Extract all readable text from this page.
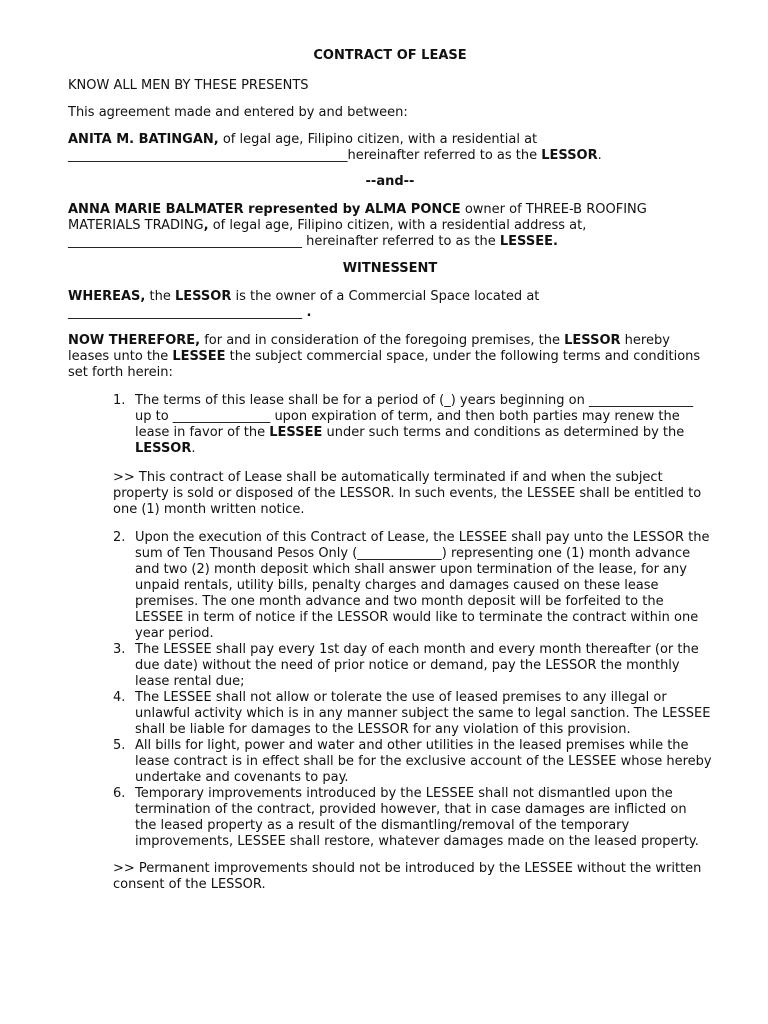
CONTRACT OF LEASE

KNOW ALL MEN BY THESE PRESENTS

This agreement made and entered by and between:

ANITA M. BATINGAN, of legal age, Filipino citizen, with a residential at
___________________________________________hereinafter referred to as the LESSOR.

--and--

ANNA MARIE BALMATER represented by ALMA PONCE owner of THREE-B ROOFING
MATERIALS TRADING, of legal age, Filipino citizen, with a residential address at,
____________________________________ hereinafter referred to as the LESSEE.

WITNESSENT

WHEREAS, the LESSOR is the owner of a Commercial Space located at
____________________________________ .

NOW THEREFORE, for and in consideration of the foregoing premises, the LESSOR hereby leases unto the LESSEE the subject commercial space, under the following terms and conditions set forth herein:

1. The terms of this lease shall be for a period of (_) years beginning on ________________ up to _______________ upon expiration of term, and then both parties may renew the lease in favor of the LESSEE under such terms and conditions as determined by the LESSOR.

>> This contract of Lease shall be automatically terminated if and when the subject property is sold or disposed of the LESSOR. In such events, the LESSEE shall be entitled to one (1) month written notice.

2. Upon the execution of this Contract of Lease, the LESSEE shall pay unto the LESSOR the sum of Ten Thousand Pesos Only (_____________) representing one (1) month advance and two (2) month deposit which shall answer upon termination of the lease, for any unpaid rentals, utility bills, penalty charges and damages caused on these lease premises. The one month advance and two month deposit will be forfeited to the LESSEE in term of notice if the LESSOR would like to terminate the contract within one year period.
3. The LESSEE shall pay every 1st day of each month and every month thereafter (or the due date) without the need of prior notice or demand, pay the LESSOR the monthly lease rental due;
4. The LESSEE shall not allow or tolerate the use of leased premises to any illegal or unlawful activity which is in any manner subject the same to legal sanction. The LESSEE shall be liable for damages to the LESSOR for any violation of this provision.
5. All bills for light, power and water and other utilities in the leased premises while the lease contract is in effect shall be for the exclusive account of the LESSEE whose hereby undertake and covenants to pay.
6. Temporary improvements introduced by the LESSEE shall not dismantled upon the termination of the contract, provided however, that in case damages are inflicted on the leased property as a result of the dismantling/removal of the temporary improvements, LESSEE shall restore, whatever damages made on the leased property.

>> Permanent improvements should not be introduced by the LESSEE without the written consent of the LESSOR.
